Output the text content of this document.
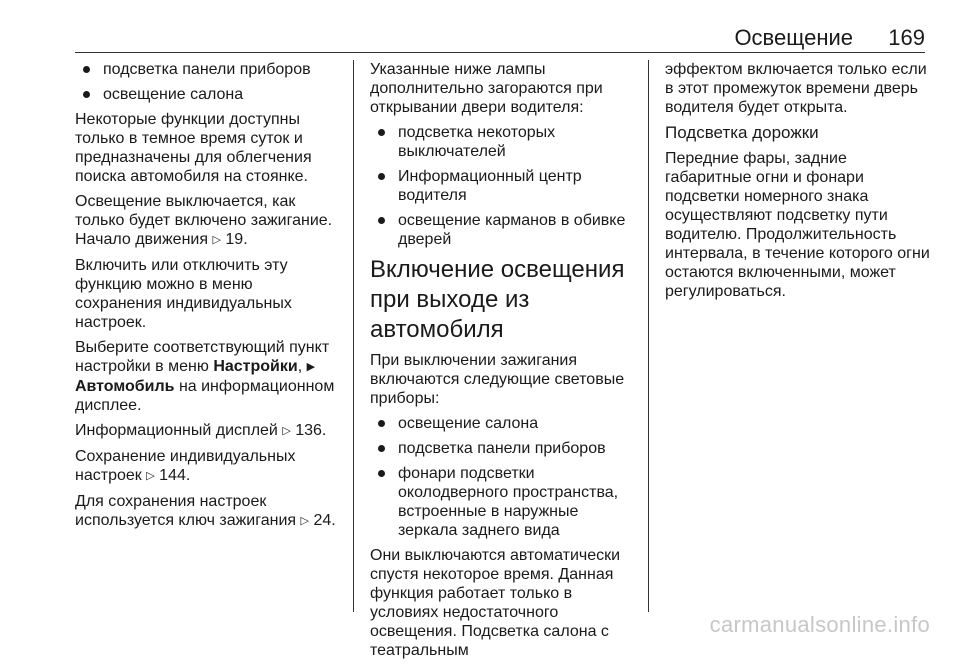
Освещение 169
подсветка панели приборов
освещение салона

Некоторые функции доступны только в темное время суток и предназначены для облегчения поиска автомобиля на стоянке.

Освещение выключается, как только будет включено зажигание. Начало движения ▷ 19.

Включить или отключить эту функцию можно в меню сохранения индивидуальных настроек.

Выберите соответствующий пункт настройки в меню Настройки, ▶ Автомобиль на информационном дисплее.

Информационный дисплей ▷ 136.

Сохранение индивидуальных настроек ▷ 144.

Для сохранения настроек используется ключ зажигания ▷ 24.

Указанные ниже лампы дополнительно загораются при открывании двери водителя:

подсветка некоторых выключателей
Информационный центр водителя
освещение карманов в обивке дверей
Включение освещения при выходе из автомобиля

При выключении зажигания включаются следующие световые приборы:

освещение салона
подсветка панели приборов
фонари подсветки околодверного пространства, встроенные в наружные зеркала заднего вида

Они выключаются автоматически спустя некоторое время. Данная функция работает только в условиях недостаточного освещения. Подсветка салона с театральным

эффектом включается только если в этот промежуток времени дверь водителя будет открыта.

Подсветка дорожки

Передние фары, задние габаритные огни и фонари подсветки номерного знака осуществляют подсветку пути водителю. Продолжительность интервала, в течение которого огни остаются включенными, может регулироваться.

carmanualsonline.info
